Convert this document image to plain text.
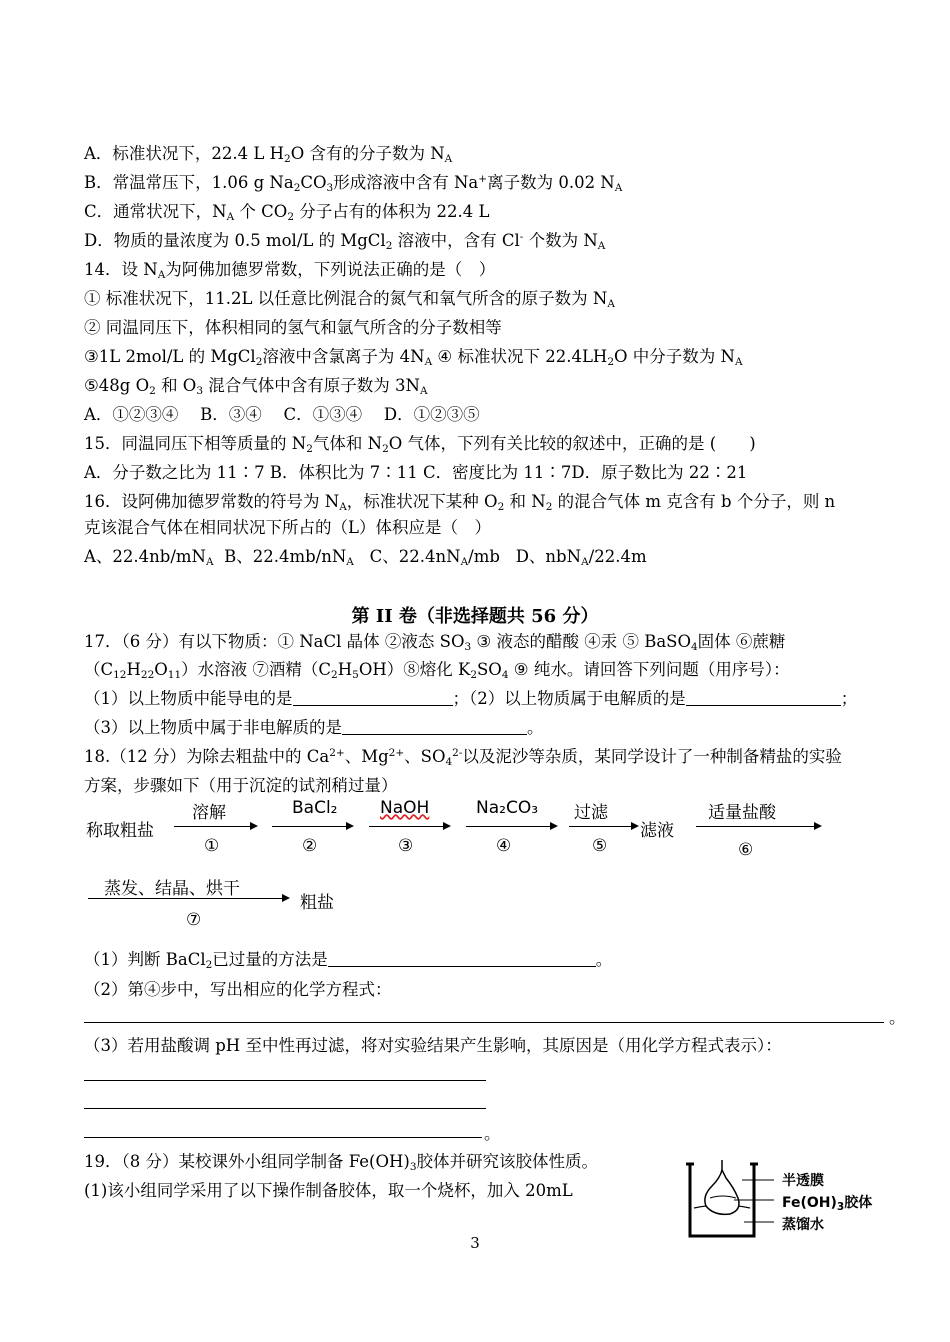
A．标准状况下，22.4 L $H_2O$ 含有的分子数为 $N_A$
B．常温常压下，1.06 g $Na_2CO_3$形成溶液中含有 Na+离子数为 0.02 $N_A$
C．通常状况下，$N_A$ 个 $CO_2$ 分子占有的体积为 22.4 L
D．物质的量浓度为 0.5 mol/L 的 MgCl$_2$ 溶液中，含有 Cl- 个数为 $N_A$
14．设 $N_A$为阿佛加德罗常数，下列说法正确的是（　）
① 标准状况下，11.2L 以任意比例混合的氮气和氧气所含的原子数为 $N_A$
② 同温同压下，体积相同的氢气和氩气所含的分子数相等
③1L 2mol/L 的 MgCl$_2$溶液中含氯离子为 $4N_A$ ④ 标准状况下 $22.4LH_2O$ 中分子数为 $N_A$
⑤48g $O_2$ 和 $O_3$ 混合气体中含有原子数为 $3N_A$
A．①②③④　 B．③④　 C．①③④　 D．①②③⑤
15．同温同压下相等质量的 $N_2$气体和 $N_2O$ 气体，下列有关比较的叙述中，正确的是 (　　)
A．分子数之比为 11∶7 B．体积比为 7∶11 C．密度比为 11∶7D．原子数比为 22∶21
16．设阿佛加德罗常数的符号为 $N_A$，标准状况下某种 $O_2$ 和 $N_2$ 的混合气体 m 克含有 b 个分子，则 n
克该混合气体在相同状况下所占的（L）体积应是（　）
A、$22.4nb/mN_A$ B、$22.4mb/nN_A$ C、$22.4nN_A/mb$ D、nbN$_A$/22.4m
第 II 卷（非选择题共 56 分）
17．（6 分）有以下物质：① NaCl 晶体 ②液态 $SO_3$ ③ 液态的醋酸 ④汞 ⑤ BaSO$_4$固体 ⑥蔗糖
$(C_{12}H_{22}O_{11})$水溶液 ⑦酒精$(C_2H_5OH)⑧$熔化 $K_2SO_4$ ⑨ 纯水。请回答下列问题（用序号）：
（1）以上物质中能导电的是	；（2）以上物质属于电解质的是	；
（3）以上物质中属于非电解质的是	。
18.（12 分）为除去粗盐中的 $Ca^{2+}$、$Mg^{2+}$、$SO_4^{2-}$以及泥沙等杂质，某同学设计了一种制备精盐的实验
方案，步骤如下（用于沉淀的试剂稍过量）
称取粗盐
溶解
①
BaCl₂
②
NaOH
③
Na₂CO₃
④
过滤
⑤
滤液
适量盐酸
⑥
蒸发、结晶、烘干
⑦
粗盐
（1）判断 BaCl$_2$已过量的方法是	。
（2）第④步中，写出相应的化学方程式：
。
（3）若用盐酸调 pH 至中性再过滤，将对实验结果产生影响，其原因是（用化学方程式表示）：
。
19．（8 分）某校课外小组同学制备 $Fe(OH)_3$胶体并研究该胶体性质。
(1)该小组同学采用了以下操作制备胶体，取一个烧杯，加入 20mL	半透膜
$Fe(OH)_3$胶体
蒸馏水
3
